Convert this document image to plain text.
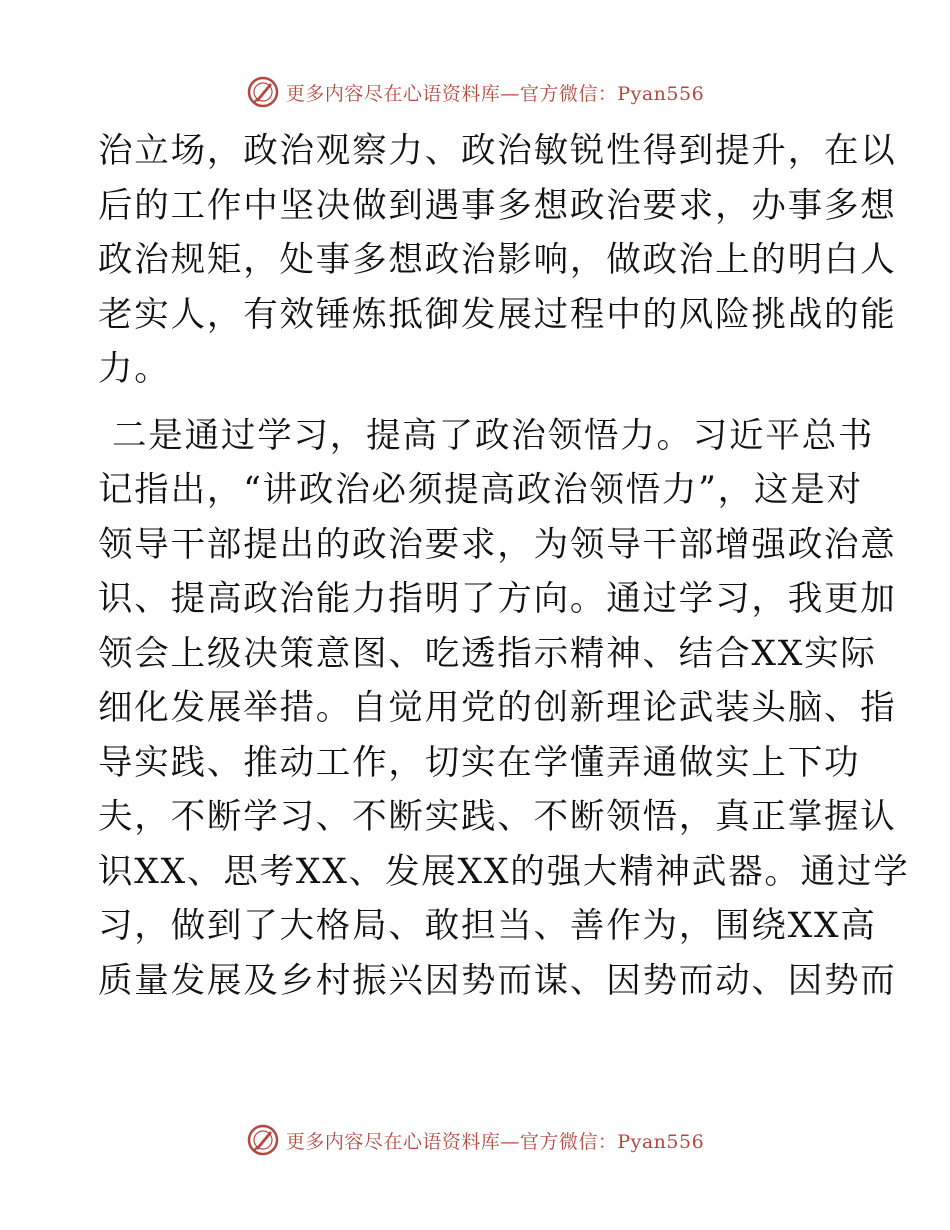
更多内容尽在心语资料库—官方微信：Pyan556

治立场，政治观察力、政治敏锐性得到提升，在以
后的工作中坚决做到遇事多想政治要求，办事多想
政治规矩，处事多想政治影响，做政治上的明白人
老实人，有效锤炼抵御发展过程中的风险挑战的能
力。

二是通过学习，提高了政治领悟力。习近平总书
记指出，“讲政治必须提高政治领悟力”，这是对
领导干部提出的政治要求，为领导干部增强政治意
识、提高政治能力指明了方向。通过学习，我更加
领会上级决策意图、吃透指示精神、结合XX实际
细化发展举措。自觉用党的创新理论武装头脑、指
导实践、推动工作，切实在学懂弄通做实上下功
夫，不断学习、不断实践、不断领悟，真正掌握认
识XX、思考XX、发展XX的强大精神武器。通过学
习，做到了大格局、敢担当、善作为，围绕XX高
质量发展及乡村振兴因势而谋、因势而动、因势而

更多内容尽在心语资料库—官方微信：Pyan556
